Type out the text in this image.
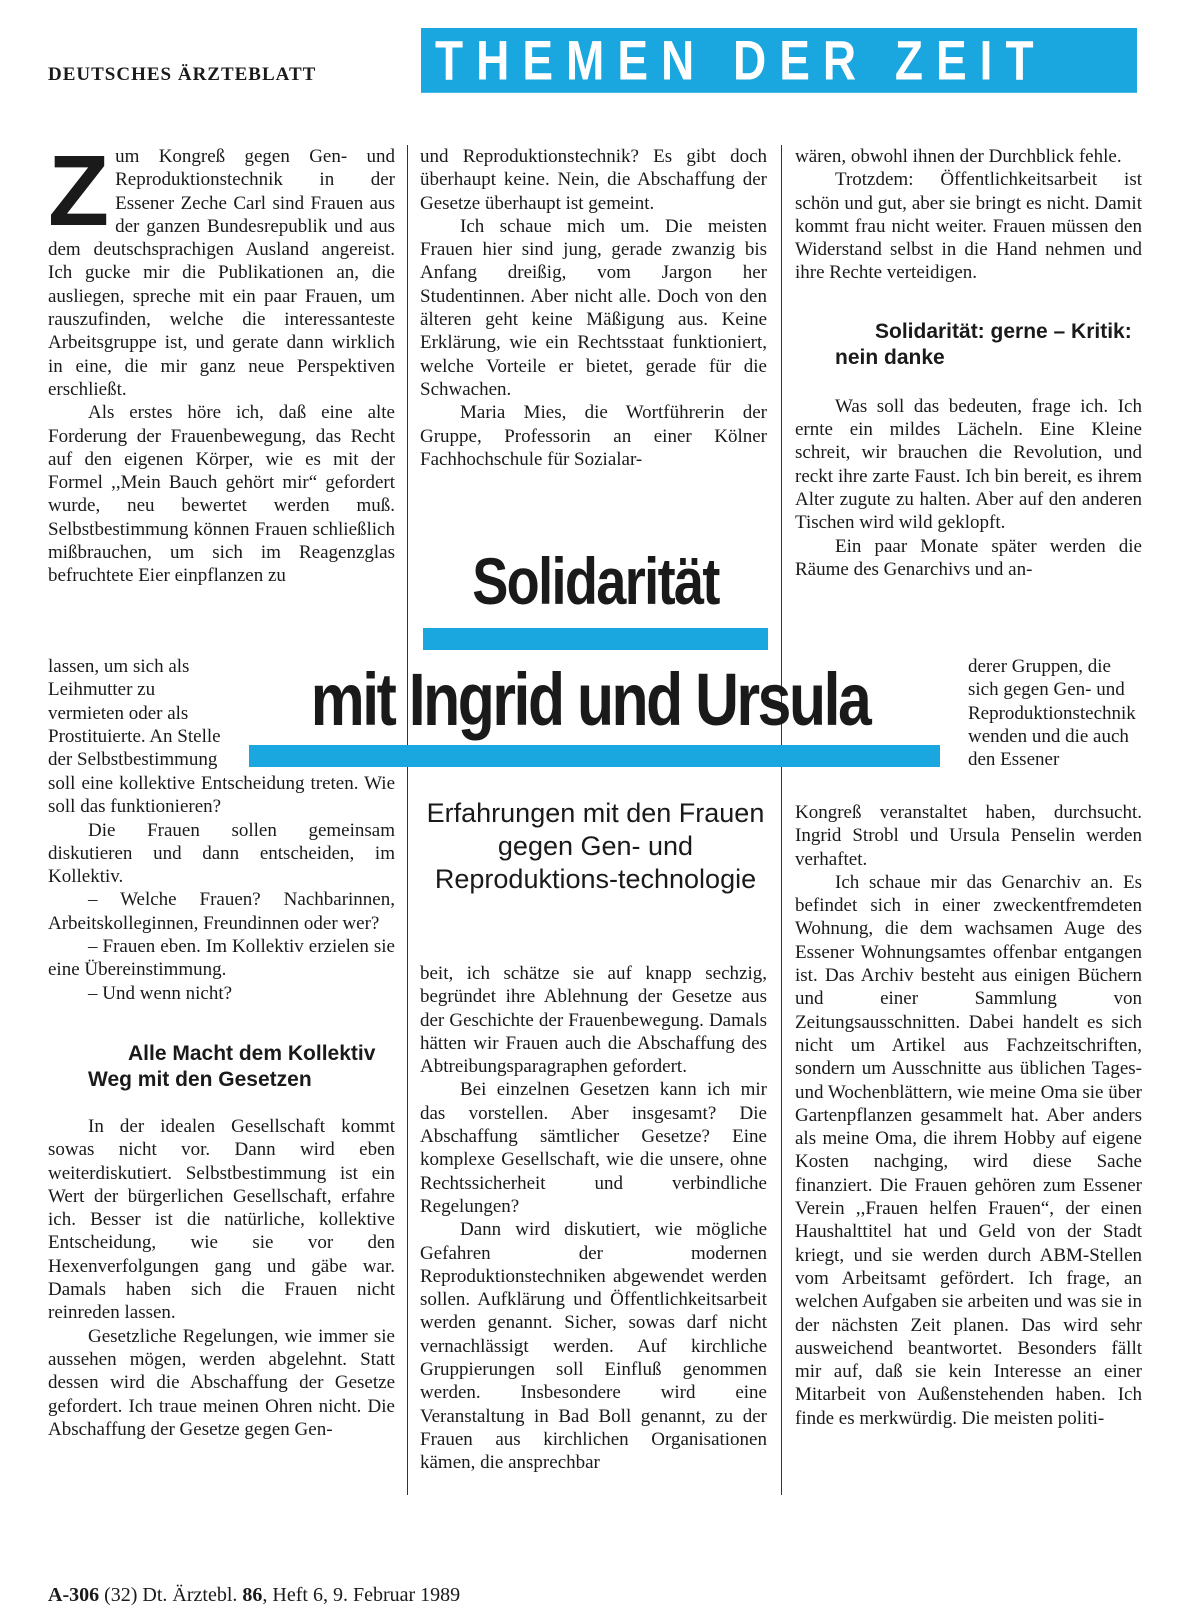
DEUTSCHES ÄRZTEBLATT	THEMEN DER ZEIT

Zum Kongreß gegen Gen- und Reproduktionstechnik in der Essener Zeche Carl sind Frauen aus der ganzen Bundesrepublik und aus dem deutschsprachigen Ausland angereist. Ich gucke mir die Publikationen an, die ausliegen, spreche mit ein paar Frauen, um rauszufinden, welche die interessanteste Arbeitsgruppe ist, und gerate dann wirklich in eine, die mir ganz neue Perspektiven erschließt.

Als erstes höre ich, daß eine alte Forderung der Frauenbewegung, das Recht auf den eigenen Körper, wie es mit der Formel ,,Mein Bauch gehört mir“ gefordert wurde, neu bewertet werden muß. Selbstbestimmung können Frauen schließlich mißbrauchen, um sich im Reagenzglas befruchtete Eier einpflanzen zu

lassen, um sich als Leihmutter zu vermieten oder als Prostituierte. An Stelle der Selbstbestimmung

soll eine kollektive Entscheidung treten. Wie soll das funktionieren?

Die Frauen sollen gemeinsam diskutieren und dann entscheiden, im Kollektiv.

– Welche Frauen? Nachbarinnen, Arbeitskolleginnen, Freundinnen oder wer?

– Frauen eben. Im Kollektiv erzielen sie eine Übereinstimmung.

– Und wenn nicht?

Alle Macht dem Kollektiv Weg mit den Gesetzen

In der idealen Gesellschaft kommt sowas nicht vor. Dann wird eben weiterdiskutiert. Selbstbestimmung ist ein Wert der bürgerlichen Gesellschaft, erfahre ich. Besser ist die natürliche, kollektive Entscheidung, wie sie vor den Hexenverfolgungen gang und gäbe war. Damals haben sich die Frauen nicht reinreden lassen.

Gesetzliche Regelungen, wie immer sie aussehen mögen, werden abgelehnt. Statt dessen wird die Abschaffung der Gesetze gefordert. Ich traue meinen Ohren nicht. Die Abschaffung der Gesetze gegen Gen-

und Reproduktionstechnik? Es gibt doch überhaupt keine. Nein, die Abschaffung der Gesetze überhaupt ist gemeint.

Ich schaue mich um. Die meisten Frauen hier sind jung, gerade zwanzig bis Anfang dreißig, vom Jargon her Studentinnen. Aber nicht alle. Doch von den älteren geht keine Mäßigung aus. Keine Erklärung, wie ein Rechtsstaat funktioniert, welche Vorteile er bietet, gerade für die Schwachen.

Maria Mies, die Wortführerin der Gruppe, Professorin an einer Kölner Fachhochschule für Sozialar-

Solidarität
mit Ingrid und Ursula
Erfahrungen mit den Frauen gegen Gen- und Reproduktions-technologie

beit, ich schätze sie auf knapp sechzig, begründet ihre Ablehnung der Gesetze aus der Geschichte der Frauenbewegung. Damals hätten wir Frauen auch die Abschaffung des Abtreibungsparagraphen gefordert.

Bei einzelnen Gesetzen kann ich mir das vorstellen. Aber insgesamt? Die Abschaffung sämtlicher Gesetze? Eine komplexe Gesellschaft, wie die unsere, ohne Rechtssicherheit und verbindliche Regelungen?

Dann wird diskutiert, wie mögliche Gefahren der modernen Reproduktionstechniken abgewendet werden sollen. Aufklärung und Öffentlichkeitsarbeit werden genannt. Sicher, sowas darf nicht vernachlässigt werden. Auf kirchliche Gruppierungen soll Einfluß genommen werden. Insbesondere wird eine Veranstaltung in Bad Boll genannt, zu der Frauen aus kirchlichen Organisationen kämen, die ansprechbar

wären, obwohl ihnen der Durchblick fehle.

Trotzdem: Öffentlichkeitsarbeit ist schön und gut, aber sie bringt es nicht. Damit kommt frau nicht weiter. Frauen müssen den Widerstand selbst in die Hand nehmen und ihre Rechte verteidigen.

Solidarität: gerne – Kritik: nein danke

Was soll das bedeuten, frage ich. Ich ernte ein mildes Lächeln. Eine Kleine schreit, wir brauchen die Revolution, und reckt ihre zarte Faust. Ich bin bereit, es ihrem Alter zugute zu halten. Aber auf den anderen Tischen wird wild geklopft.

Ein paar Monate später werden die Räume des Genarchivs und an-

derer Gruppen, die sich gegen Gen- und Reproduktionstechnik wenden und die auch den Essener

Kongreß veranstaltet haben, durchsucht. Ingrid Strobl und Ursula Penselin werden verhaftet.

Ich schaue mir das Genarchiv an. Es befindet sich in einer zweckentfremdeten Wohnung, die dem wachsamen Auge des Essener Wohnungsamtes offenbar entgangen ist. Das Archiv besteht aus einigen Büchern und einer Sammlung von Zeitungsausschnitten. Dabei handelt es sich nicht um Artikel aus Fachzeitschriften, sondern um Ausschnitte aus üblichen Tages- und Wochenblättern, wie meine Oma sie über Gartenpflanzen gesammelt hat. Aber anders als meine Oma, die ihrem Hobby auf eigene Kosten nachging, wird diese Sache finanziert. Die Frauen gehören zum Essener Verein ,,Frauen helfen Frauen“, der einen Haushalttitel hat und Geld von der Stadt kriegt, und sie werden durch ABM-Stellen vom Arbeitsamt gefördert. Ich frage, an welchen Aufgaben sie arbeiten und was sie in der nächsten Zeit planen. Das wird sehr ausweichend beantwortet. Besonders fällt mir auf, daß sie kein Interesse an einer Mitarbeit von Außenstehenden haben. Ich finde es merkwürdig. Die meisten politi-

A-306 (32) Dt. Ärztebl. 86, Heft 6, 9. Februar 1989
